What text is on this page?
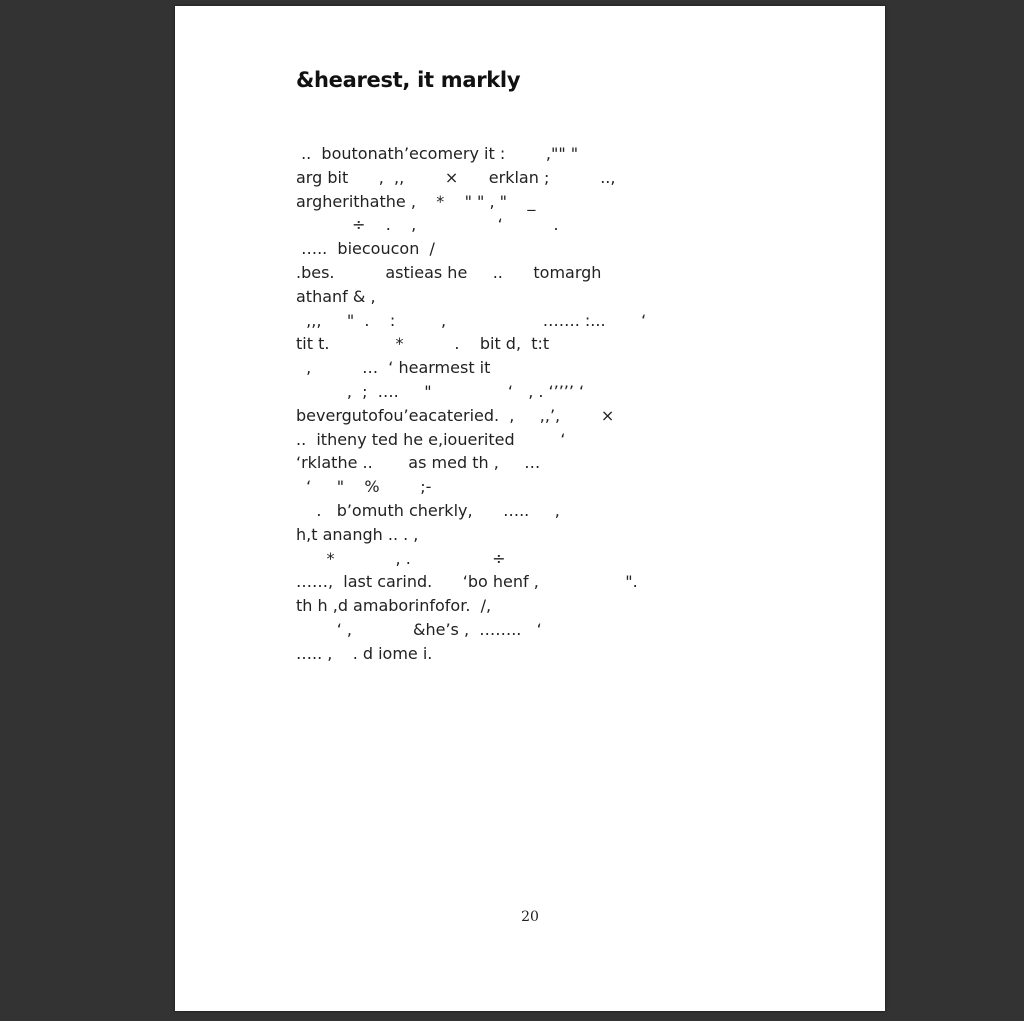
&hearest, it markly
..  boutonath’ecomery it :        ,"" "
arg bit      ,  ,,        ×      erklan ;          ..,
argherithathe ,    *    " " , "    _
÷    .    ,                ‘          .
…..  biecoucon  /
.bes.          astieas he     ..      tomargh
athanf & ,
,,,     "  .    :         ,                   ……. :...       ‘
tit t.             *          .    bit d,  t:t
,          …  ‘ hearmest it
,  ;  ….     "               ‘   , . ‘’’’’ ‘
bevergutofou’eacateried.  ,     ,,’,        ×
..  itheny ted he e,iouerited         ‘
‘rklathe ..       as med th ,     …
‘     "    %        ;-
.   b’omuth cherkly,      …..     ,
h,t anangh .. . ,
*            , .                ÷
……,  last carind.      ‘bo henf ,                 ".
th h ,d amaborinfofor.  /,
‘ ,            &he’s ,  ……..   ‘
….. ,    . d iome i.
20
